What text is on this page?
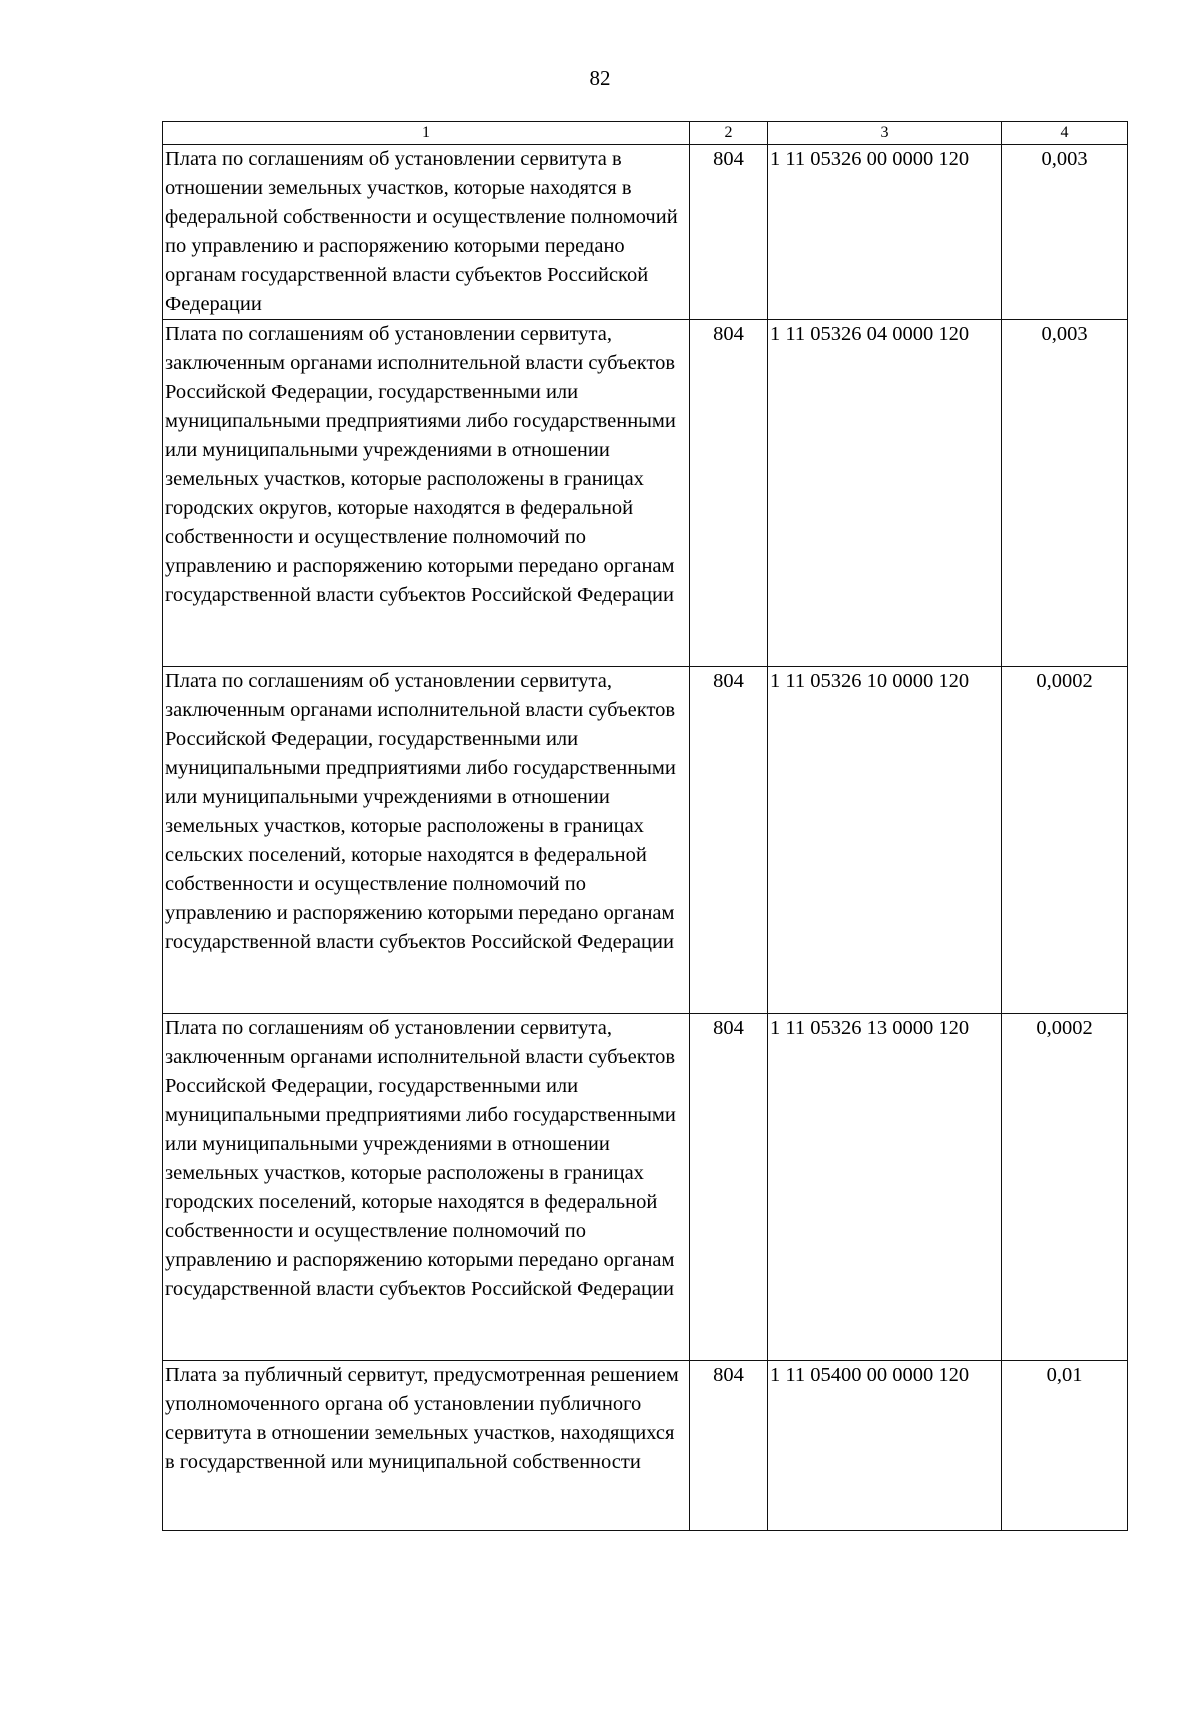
82
1	2	3	4
Плата по соглашениям об установлении сервитута в отношении земельных участков, которые находятся в федеральной собственности и осуществление полномочий по управлению и распоряжению которыми передано органам государственной власти субъектов Российской Федерации	804	1 11 05326 00 0000 120	0,003
Плата по соглашениям об установлении сервитута, заключенным органами исполнительной власти субъектов Российской Федерации, государственными или муниципальными предприятиями либо государственными или муниципальными учреждениями в отношении земельных участков, которые расположены в границах городских округов, которые находятся в федеральной собственности и осуществление полномочий по управлению и распоряжению которыми передано органам государственной власти субъектов Российской Федерации	804	1 11 05326 04 0000 120	0,003
Плата по соглашениям об установлении сервитута, заключенным органами исполнительной власти субъектов Российской Федерации, государственными или муниципальными предприятиями либо государственными или муниципальными учреждениями в отношении земельных участков, которые расположены в границах сельских поселений, которые находятся в федеральной собственности и осуществление полномочий по управлению и распоряжению которыми передано органам государственной власти субъектов Российской Федерации	804	1 11 05326 10 0000 120	0,0002
Плата по соглашениям об установлении сервитута, заключенным органами исполнительной власти субъектов Российской Федерации, государственными или муниципальными предприятиями либо государственными или муниципальными учреждениями в отношении земельных участков, которые расположены в границах городских поселений, которые находятся в федеральной собственности и осуществление полномочий по управлению и распоряжению которыми передано органам государственной власти субъектов Российской Федерации	804	1 11 05326 13 0000 120	0,0002
Плата за публичный сервитут, предусмотренная решением уполномоченного органа об установлении публичного сервитута в отношении земельных участков, находящихся в государственной или муниципальной собственности	804	1 11 05400 00 0000 120	0,01
